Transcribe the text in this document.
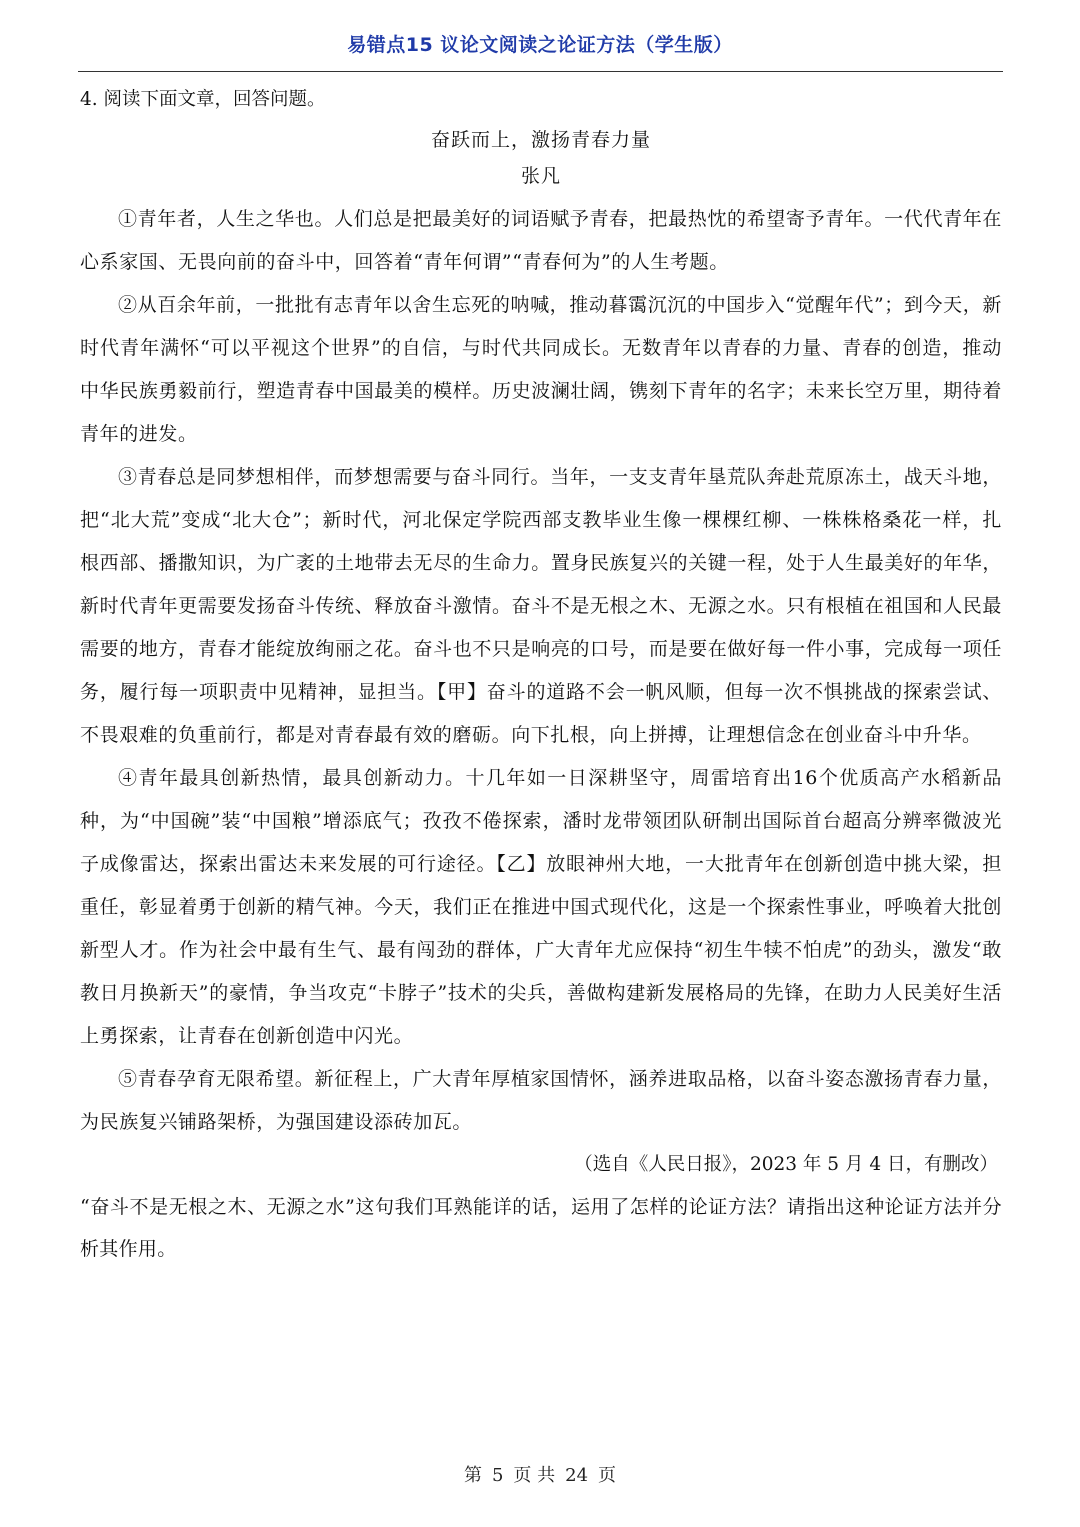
易错点15 议论文阅读之论证方法（学生版）

4. 阅读下面文章，回答问题。

奋跃而上，激扬青春力量

张凡

①青年者，人生之华也。人们总是把最美好的词语赋予青春，把最热忱的希望寄予青年。一代代青年在心系家国、无畏向前的奋斗中，回答着“青年何谓”“青春何为”的人生考题。

②从百余年前，一批批有志青年以舍生忘死的呐喊，推动暮霭沉沉的中国步入“觉醒年代”；到今天，新时代青年满怀“可以平视这个世界”的自信，与时代共同成长。无数青年以青春的力量、青春的创造，推动中华民族勇毅前行，塑造青春中国最美的模样。历史波澜壮阔，镌刻下青年的名字；未来长空万里，期待着青年的进发。

③青春总是同梦想相伴，而梦想需要与奋斗同行。当年，一支支青年垦荒队奔赴荒原冻土，战天斗地，把“北大荒”变成“北大仓”；新时代，河北保定学院西部支教毕业生像一棵棵红柳、一株株格桑花一样，扎根西部、播撒知识，为广袤的土地带去无尽的生命力。置身民族复兴的关键一程，处于人生最美好的年华，新时代青年更需要发扬奋斗传统、释放奋斗激情。奋斗不是无根之木、无源之水。只有根植在祖国和人民最需要的地方，青春才能绽放绚丽之花。奋斗也不只是响亮的口号，而是要在做好每一件小事，完成每一项任务，履行每一项职责中见精神，显担当。【甲】奋斗的道路不会一帆风顺，但每一次不惧挑战的探索尝试、不畏艰难的负重前行，都是对青春最有效的磨砺。向下扎根，向上拼搏，让理想信念在创业奋斗中升华。

④青年最具创新热情，最具创新动力。十几年如一日深耕坚守，周雷培育出16个优质高产水稻新品种，为“中国碗”装“中国粮”增添底气；孜孜不倦探索，潘时龙带领团队研制出国际首台超高分辨率微波光子成像雷达，探索出雷达未来发展的可行途径。【乙】放眼神州大地，一大批青年在创新创造中挑大梁，担重任，彰显着勇于创新的精气神。今天，我们正在推进中国式现代化，这是一个探索性事业，呼唤着大批创新型人才。作为社会中最有生气、最有闯劲的群体，广大青年尤应保持“初生牛犊不怕虎”的劲头，激发“敢教日月换新天”的豪情，争当攻克“卡脖子”技术的尖兵，善做构建新发展格局的先锋，在助力人民美好生活上勇探索，让青春在创新创造中闪光。

⑤青春孕育无限希望。新征程上，广大青年厚植家国情怀，涵养进取品格，以奋斗姿态激扬青春力量，为民族复兴铺路架桥，为强国建设添砖加瓦。

（选自《人民日报》，2023 年 5 月 4 日，有删改）

“奋斗不是无根之木、无源之水”这句我们耳熟能详的话，运用了怎样的论证方法？请指出这种论证方法并分析其作用。

第 5 页 共 24 页
